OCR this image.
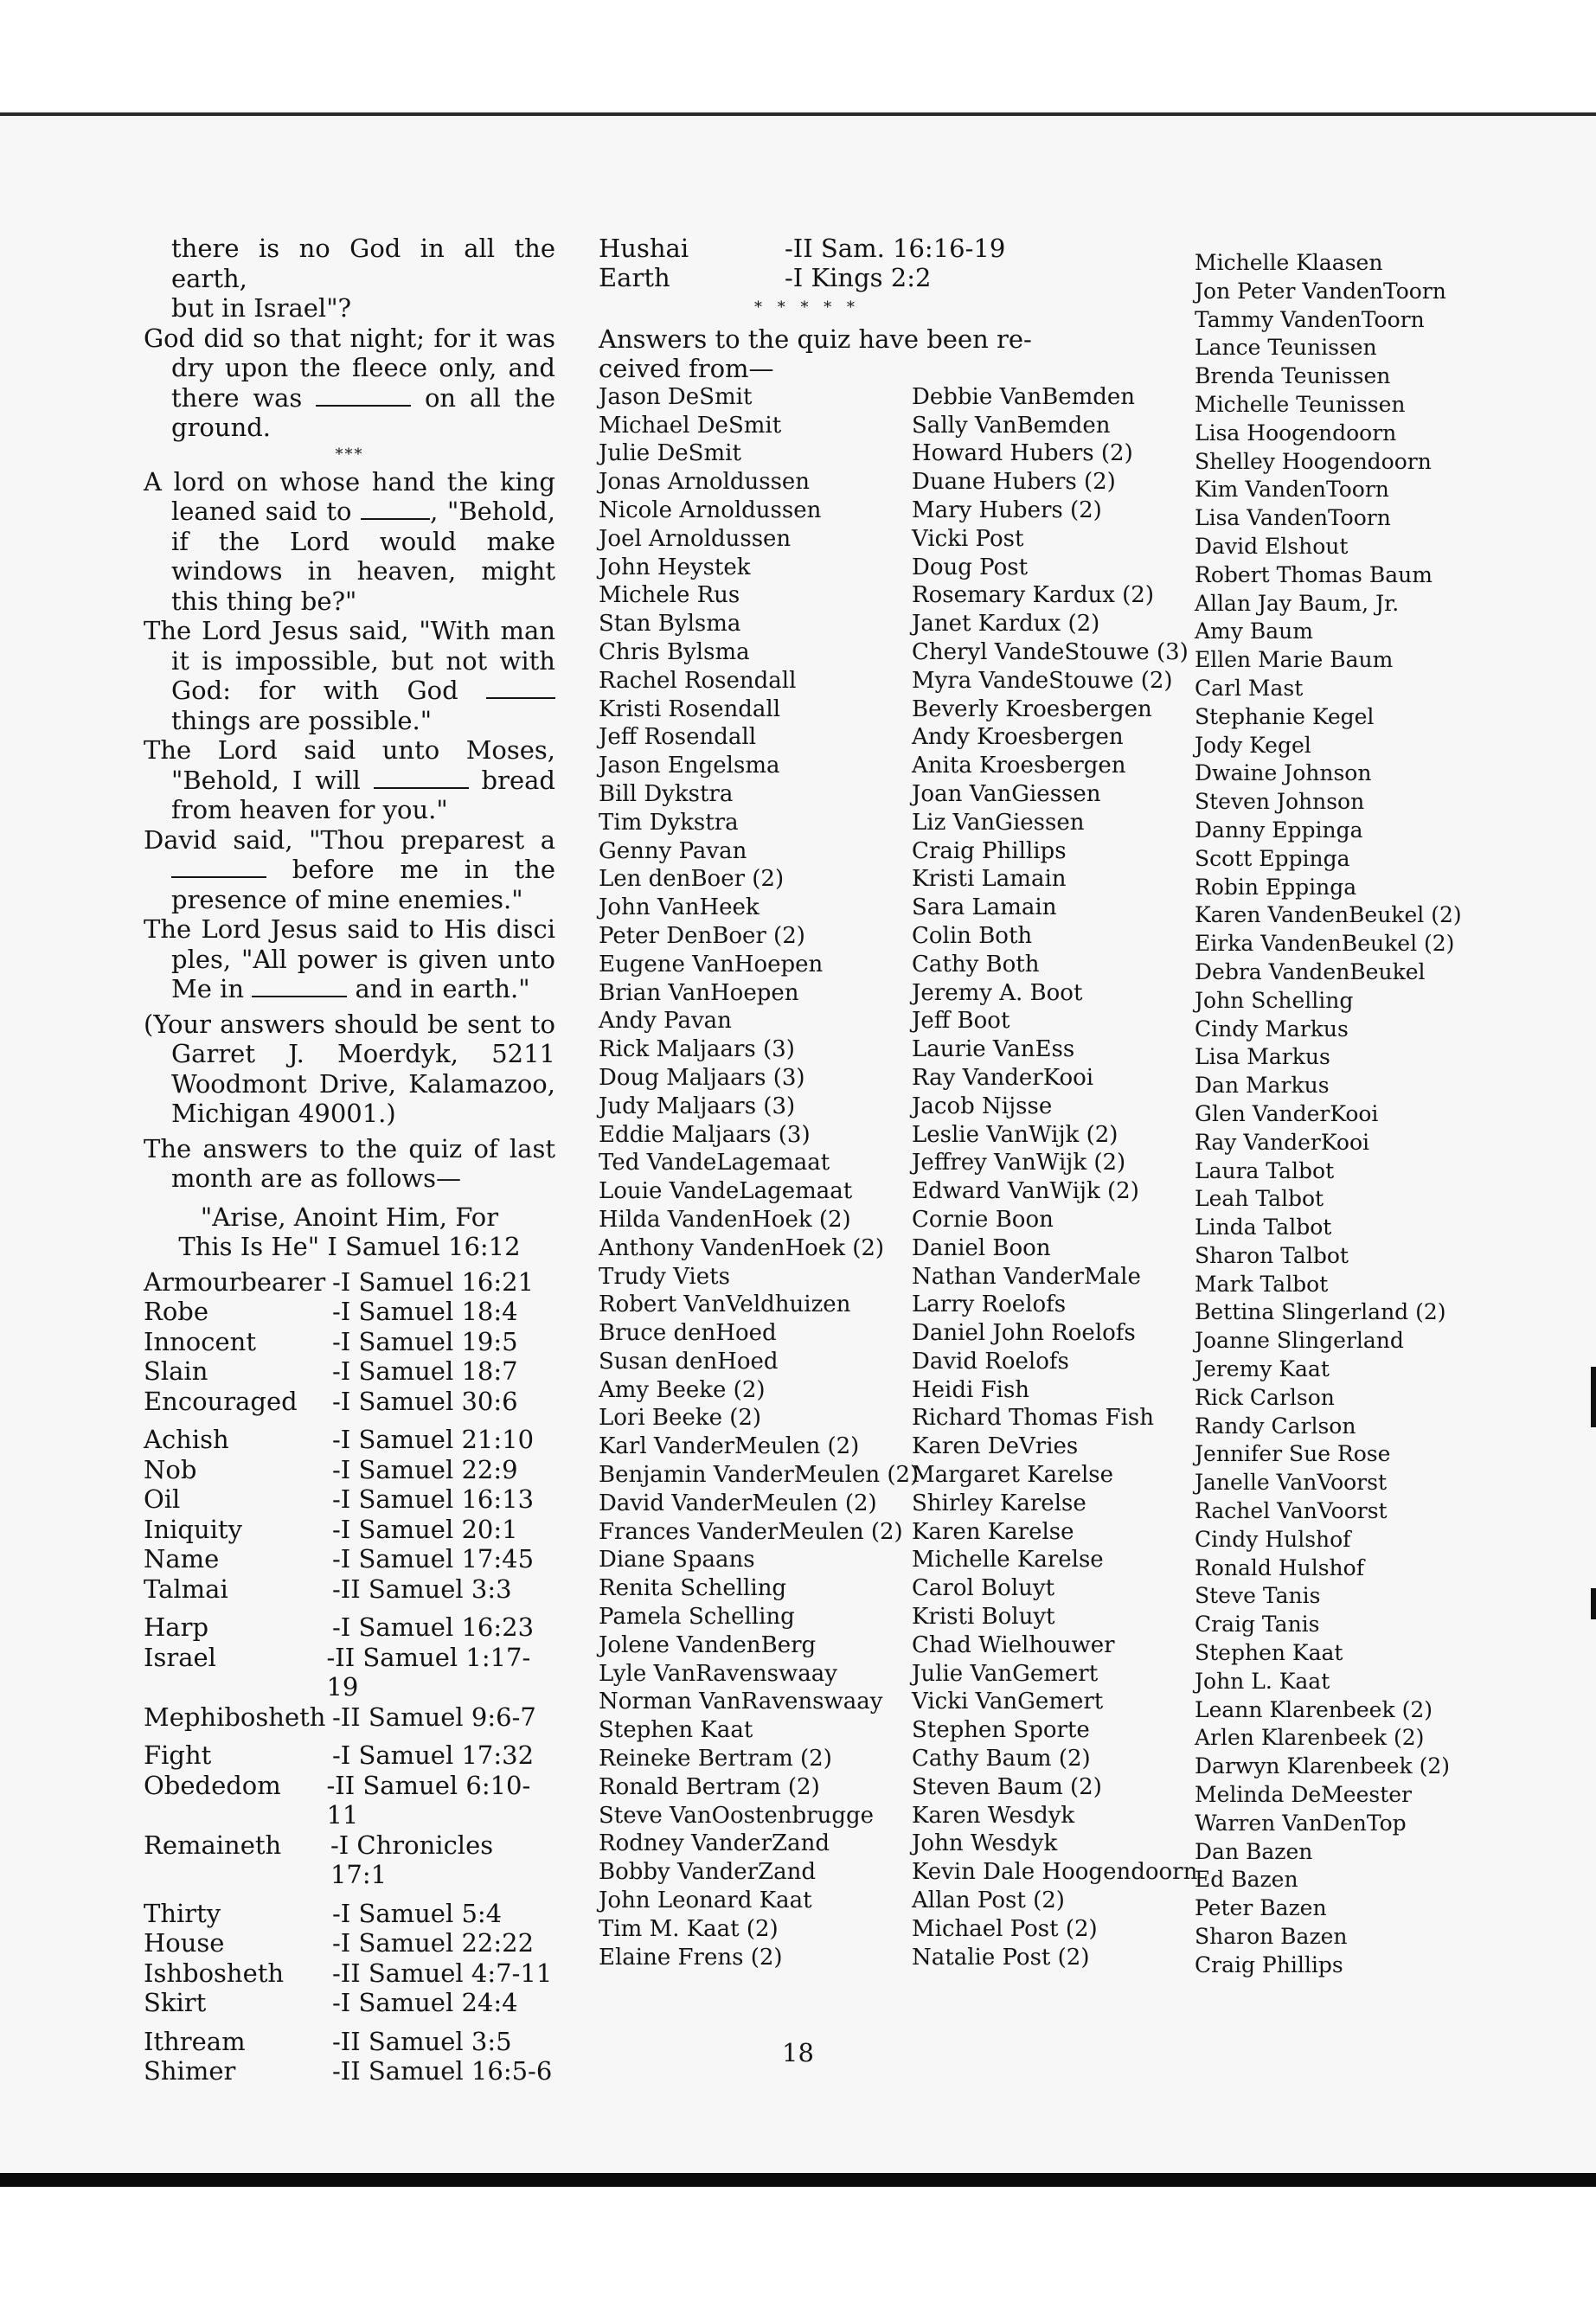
there is no God in all the earth,
but in Israel"?

God did so that night; for it was dry upon the fleece only, and there was	on all the ground.

***

A lord on whose hand the king leaned said to	, "Behold, if the Lord would make windows in heaven, might this thing be?"

The Lord Jesus said, "With man it is impossible, but not with God: for with God  things are possible."

The Lord said unto Moses, "Behold, I will	bread from heaven for you."

David said, "Thou preparest a  before me in the presence of mine enemies."

The Lord Jesus said to His disci ples, "All power is given unto Me in	and in earth."

(Your answers should be sent to Garret J. Moerdyk, 5211 Woodmont Drive, Kalamazoo, Michigan 49001.)

The answers to the quiz of last month are as follows—

"Arise, Anoint Him, For
This Is He" I Samuel 16:12
Armourbearer -I Samuel 16:21
Robe	-I Samuel 18:4
Innocent	-I Samuel 19:5
Slain	-I Samuel 18:7
Encouraged	-I Samuel 30:6
Achish	-I Samuel 21:10
Nob	-I Samuel 22:9
Oil	-I Samuel 16:13
Iniquity	-I Samuel 20:1
Name	-I Samuel 17:45
Talmai	-II Samuel 3:3
Harp	-I Samuel 16:23
Israel	-II Samuel 1:17-19
Mephibosheth -II Samuel 9:6-7
Fight	-I Samuel 17:32
Obededom	-II Samuel 6:10-11
Remaineth	-I Chronicles 17:1
Thirty	-I Samuel 5:4
House	-I Samuel 22:22
Ishbosheth	-II Samuel 4:7-11
Skirt	-I Samuel 24:4
Ithream	-II Samuel 3:5
Shimer	-II Samuel 16:5-6
Hushai	-II Sam. 16:16-19
Earth	-I Kings 2:2

* * * * *

Answers to the quiz have been re-
ceived from—
Jason DeSmit
Michael DeSmit
Julie DeSmit
Jonas Arnoldussen
Nicole Arnoldussen
Joel Arnoldussen
John Heystek
Michele Rus
Stan Bylsma
Chris Bylsma
Rachel Rosendall
Kristi Rosendall
Jeff Rosendall
Jason Engelsma
Bill Dykstra
Tim Dykstra
Genny Pavan
Len denBoer (2)
John VanHeek
Peter DenBoer (2)
Eugene VanHoepen
Brian VanHoepen
Andy Pavan
Rick Maljaars (3)
Doug Maljaars (3)
Judy Maljaars (3)
Eddie Maljaars (3)
Ted VandeLagemaat
Louie VandeLagemaat
Hilda VandenHoek (2)
Anthony VandenHoek (2)
Trudy Viets
Robert VanVeldhuizen
Bruce denHoed
Susan denHoed
Amy Beeke (2)
Lori Beeke (2)
Karl VanderMeulen (2)
Benjamin VanderMeulen (2)
David VanderMeulen (2)
Frances VanderMeulen (2)
Diane Spaans
Renita Schelling
Pamela Schelling
Jolene VandenBerg
Lyle VanRavenswaay
Norman VanRavenswaay
Stephen Kaat
Reineke Bertram (2)
Ronald Bertram (2)
Steve VanOostenbrugge
Rodney VanderZand
Bobby VanderZand
John Leonard Kaat
Tim M. Kaat (2)
Elaine Frens (2)
Debbie VanBemden
Sally VanBemden
Howard Hubers (2)
Duane Hubers (2)
Mary Hubers (2)
Vicki Post
Doug Post
Rosemary Kardux (2)
Janet Kardux (2)
Cheryl VandeStouwe (3)
Myra VandeStouwe (2)
Beverly Kroesbergen
Andy Kroesbergen
Anita Kroesbergen
Joan VanGiessen
Liz VanGiessen
Craig Phillips
Kristi Lamain
Sara Lamain
Colin Both
Cathy Both
Jeremy A. Boot
Jeff Boot
Laurie VanEss
Ray VanderKooi
Jacob Nijsse
Leslie VanWijk (2)
Jeffrey VanWijk (2)
Edward VanWijk (2)
Cornie Boon
Daniel Boon
Nathan VanderMale
Larry Roelofs
Daniel John Roelofs
David Roelofs
Heidi Fish
Richard Thomas Fish
Karen DeVries
Margaret Karelse
Shirley Karelse
Karen Karelse
Michelle Karelse
Carol Boluyt
Kristi Boluyt
Chad Wielhouwer
Julie VanGemert
Vicki VanGemert
Stephen Sporte
Cathy Baum (2)
Steven Baum (2)
Karen Wesdyk
John Wesdyk
Kevin Dale Hoogendoorn
Allan Post (2)
Michael Post (2)
Natalie Post (2)
Michelle Klaasen
Jon Peter VandenToorn
Tammy VandenToorn
Lance Teunissen
Brenda Teunissen
Michelle Teunissen
Lisa Hoogendoorn
Shelley Hoogendoorn
Kim VandenToorn
Lisa VandenToorn
David Elshout
Robert Thomas Baum
Allan Jay Baum, Jr.
Amy Baum
Ellen Marie Baum
Carl Mast
Stephanie Kegel
Jody Kegel
Dwaine Johnson
Steven Johnson
Danny Eppinga
Scott Eppinga
Robin Eppinga
Karen VandenBeukel (2)
Eirka VandenBeukel (2)
Debra VandenBeukel
John Schelling
Cindy Markus
Lisa Markus
Dan Markus
Glen VanderKooi
Ray VanderKooi
Laura Talbot
Leah Talbot
Linda Talbot
Sharon Talbot
Mark Talbot
Bettina Slingerland (2)
Joanne Slingerland
Jeremy Kaat
Rick Carlson
Randy Carlson
Jennifer Sue Rose
Janelle VanVoorst
Rachel VanVoorst
Cindy Hulshof
Ronald Hulshof
Steve Tanis
Craig Tanis
Stephen Kaat
John L. Kaat
Leann Klarenbeek (2)
Arlen Klarenbeek (2)
Darwyn Klarenbeek (2)
Melinda DeMeester
Warren VanDenTop
Dan Bazen
Ed Bazen
Peter Bazen
Sharon Bazen
Craig Phillips
18
